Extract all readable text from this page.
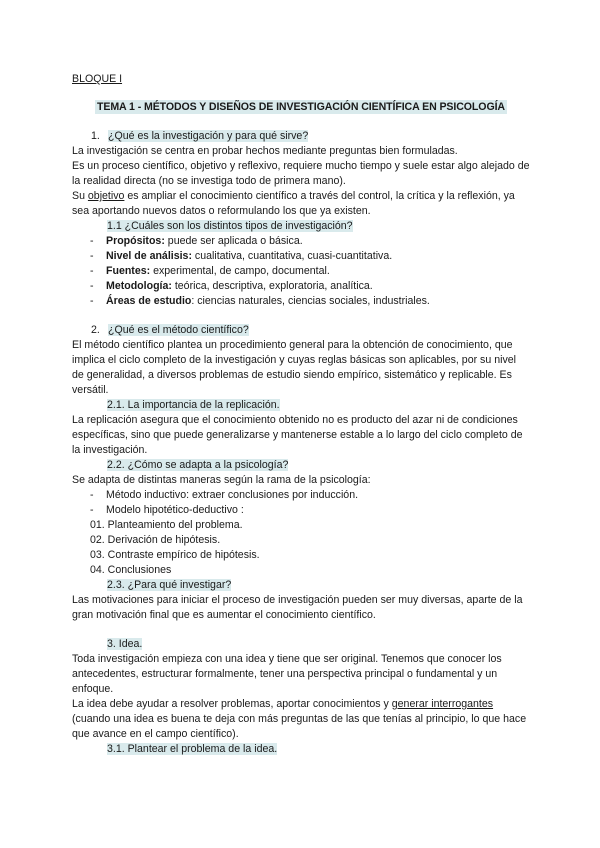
BLOQUE I
TEMA 1 - MÉTODOS Y DISEÑOS DE INVESTIGACIÓN CIENTÍFICA EN PSICOLOGÍA
1. ¿Qué es la investigación y para qué sirve?

La investigación se centra en probar hechos mediante preguntas bien formuladas.

Es un proceso científico, objetivo y reflexivo, requiere mucho tiempo y suele estar algo alejado de la realidad directa (no se investiga todo de primera mano).

Su objetivo es ampliar el conocimiento científico a través del control, la crítica y la reflexión, ya sea aportando nuevos datos o reformulando los que ya existen.

1.1 ¿Cuáles son los distintos tipos de investigación?
- Propósitos: puede ser aplicada o básica.
- Nivel de análisis: cualitativa, cuantitativa, cuasi-cuantitativa.
- Fuentes: experimental, de campo, documental.
- Metodología: teórica, descriptiva, exploratoria, analítica.
- Áreas de estudio: ciencias naturales, ciencias sociales, industriales.
2. ¿Qué es el método científico?

El método científico plantea un procedimiento general para la obtención de conocimiento, que implica el ciclo completo de la investigación y cuyas reglas básicas son aplicables, por su nivel de generalidad, a diversos problemas de estudio siendo empírico, sistemático y replicable. Es versátil.

2.1. La importancia de la replicación.

La replicación asegura que el conocimiento obtenido no es producto del azar ni de condiciones específicas, sino que puede generalizarse y mantenerse estable a lo largo del ciclo completo de la investigación.

2.2. ¿Cómo se adapta a la psicología?

Se adapta de distintas maneras según la rama de la psicología:

- Método inductivo: extraer conclusiones por inducción.
- Modelo hipotético-deductivo :
01. Planteamiento del problema.
02. Derivación de hipótesis.
03. Contraste empírico de hipótesis.
04. Conclusiones
2.3. ¿Para qué investigar?

Las motivaciones para iniciar el proceso de investigación pueden ser muy diversas, aparte de la gran motivación final que es aumentar el conocimiento científico.

3. Idea.

Toda investigación empieza con una idea y tiene que ser original. Tenemos que conocer los antecedentes, estructurar formalmente, tener una perspectiva principal o fundamental y un enfoque.

La idea debe ayudar a resolver problemas, aportar conocimientos y generar interrogantes (cuando una idea es buena te deja con más preguntas de las que tenías al principio, lo que hace que avance en el campo científico).

3.1. Plantear el problema de la idea.
